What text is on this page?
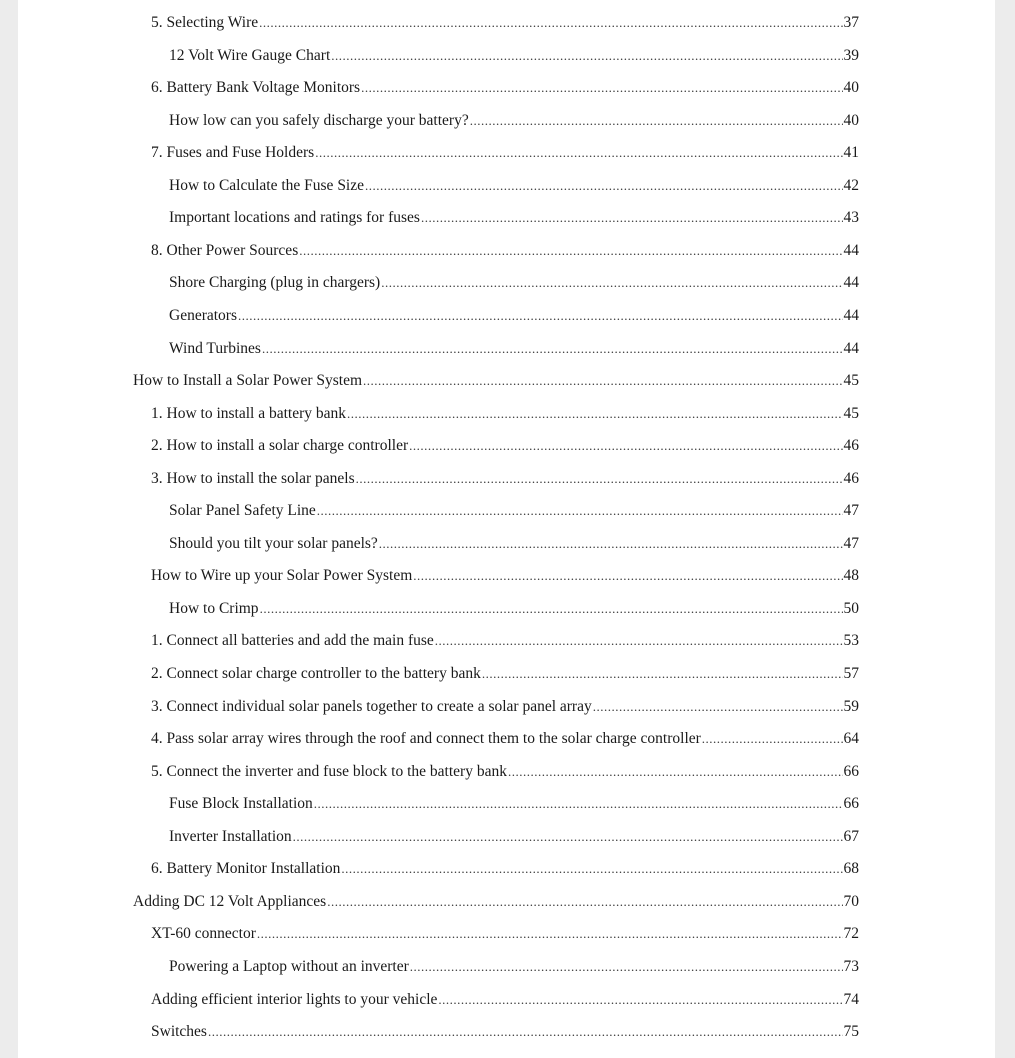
5. Selecting Wire .....	37
12 Volt Wire Gauge Chart .....	39
6. Battery Bank Voltage Monitors .....	40
How low can you safely discharge your battery? .....	40
7. Fuses and Fuse Holders .....	41
How to Calculate the Fuse Size .....	42
Important locations and ratings for fuses .....	43
8. Other Power Sources .....	44
Shore Charging (plug in chargers) .....	44
Generators .....	44
Wind Turbines .....	44
How to Install a Solar Power System .....	45
1. How to install a battery bank .....	45
2. How to install a solar charge controller .....	46
3. How to install the solar panels .....	46
Solar Panel Safety Line .....	47
Should you tilt your solar panels? .....	47
How to Wire up your Solar Power System .....	48
How to Crimp .....	50
1. Connect all batteries and add the main fuse .....	53
2. Connect solar charge controller to the battery bank .....	57
3. Connect individual solar panels together to create a solar panel array .....	59
4. Pass solar array wires through the roof and connect them to the solar charge controller .....	64
5. Connect the inverter and fuse block to the battery bank .....	66
Fuse Block Installation .....	66
Inverter Installation .....	67
6. Battery Monitor Installation .....	68
Adding DC 12 Volt Appliances .....	70
XT-60 connector .....	72
Powering a Laptop without an inverter .....	73
Adding efficient interior lights to your vehicle .....	74
Switches .....	75
